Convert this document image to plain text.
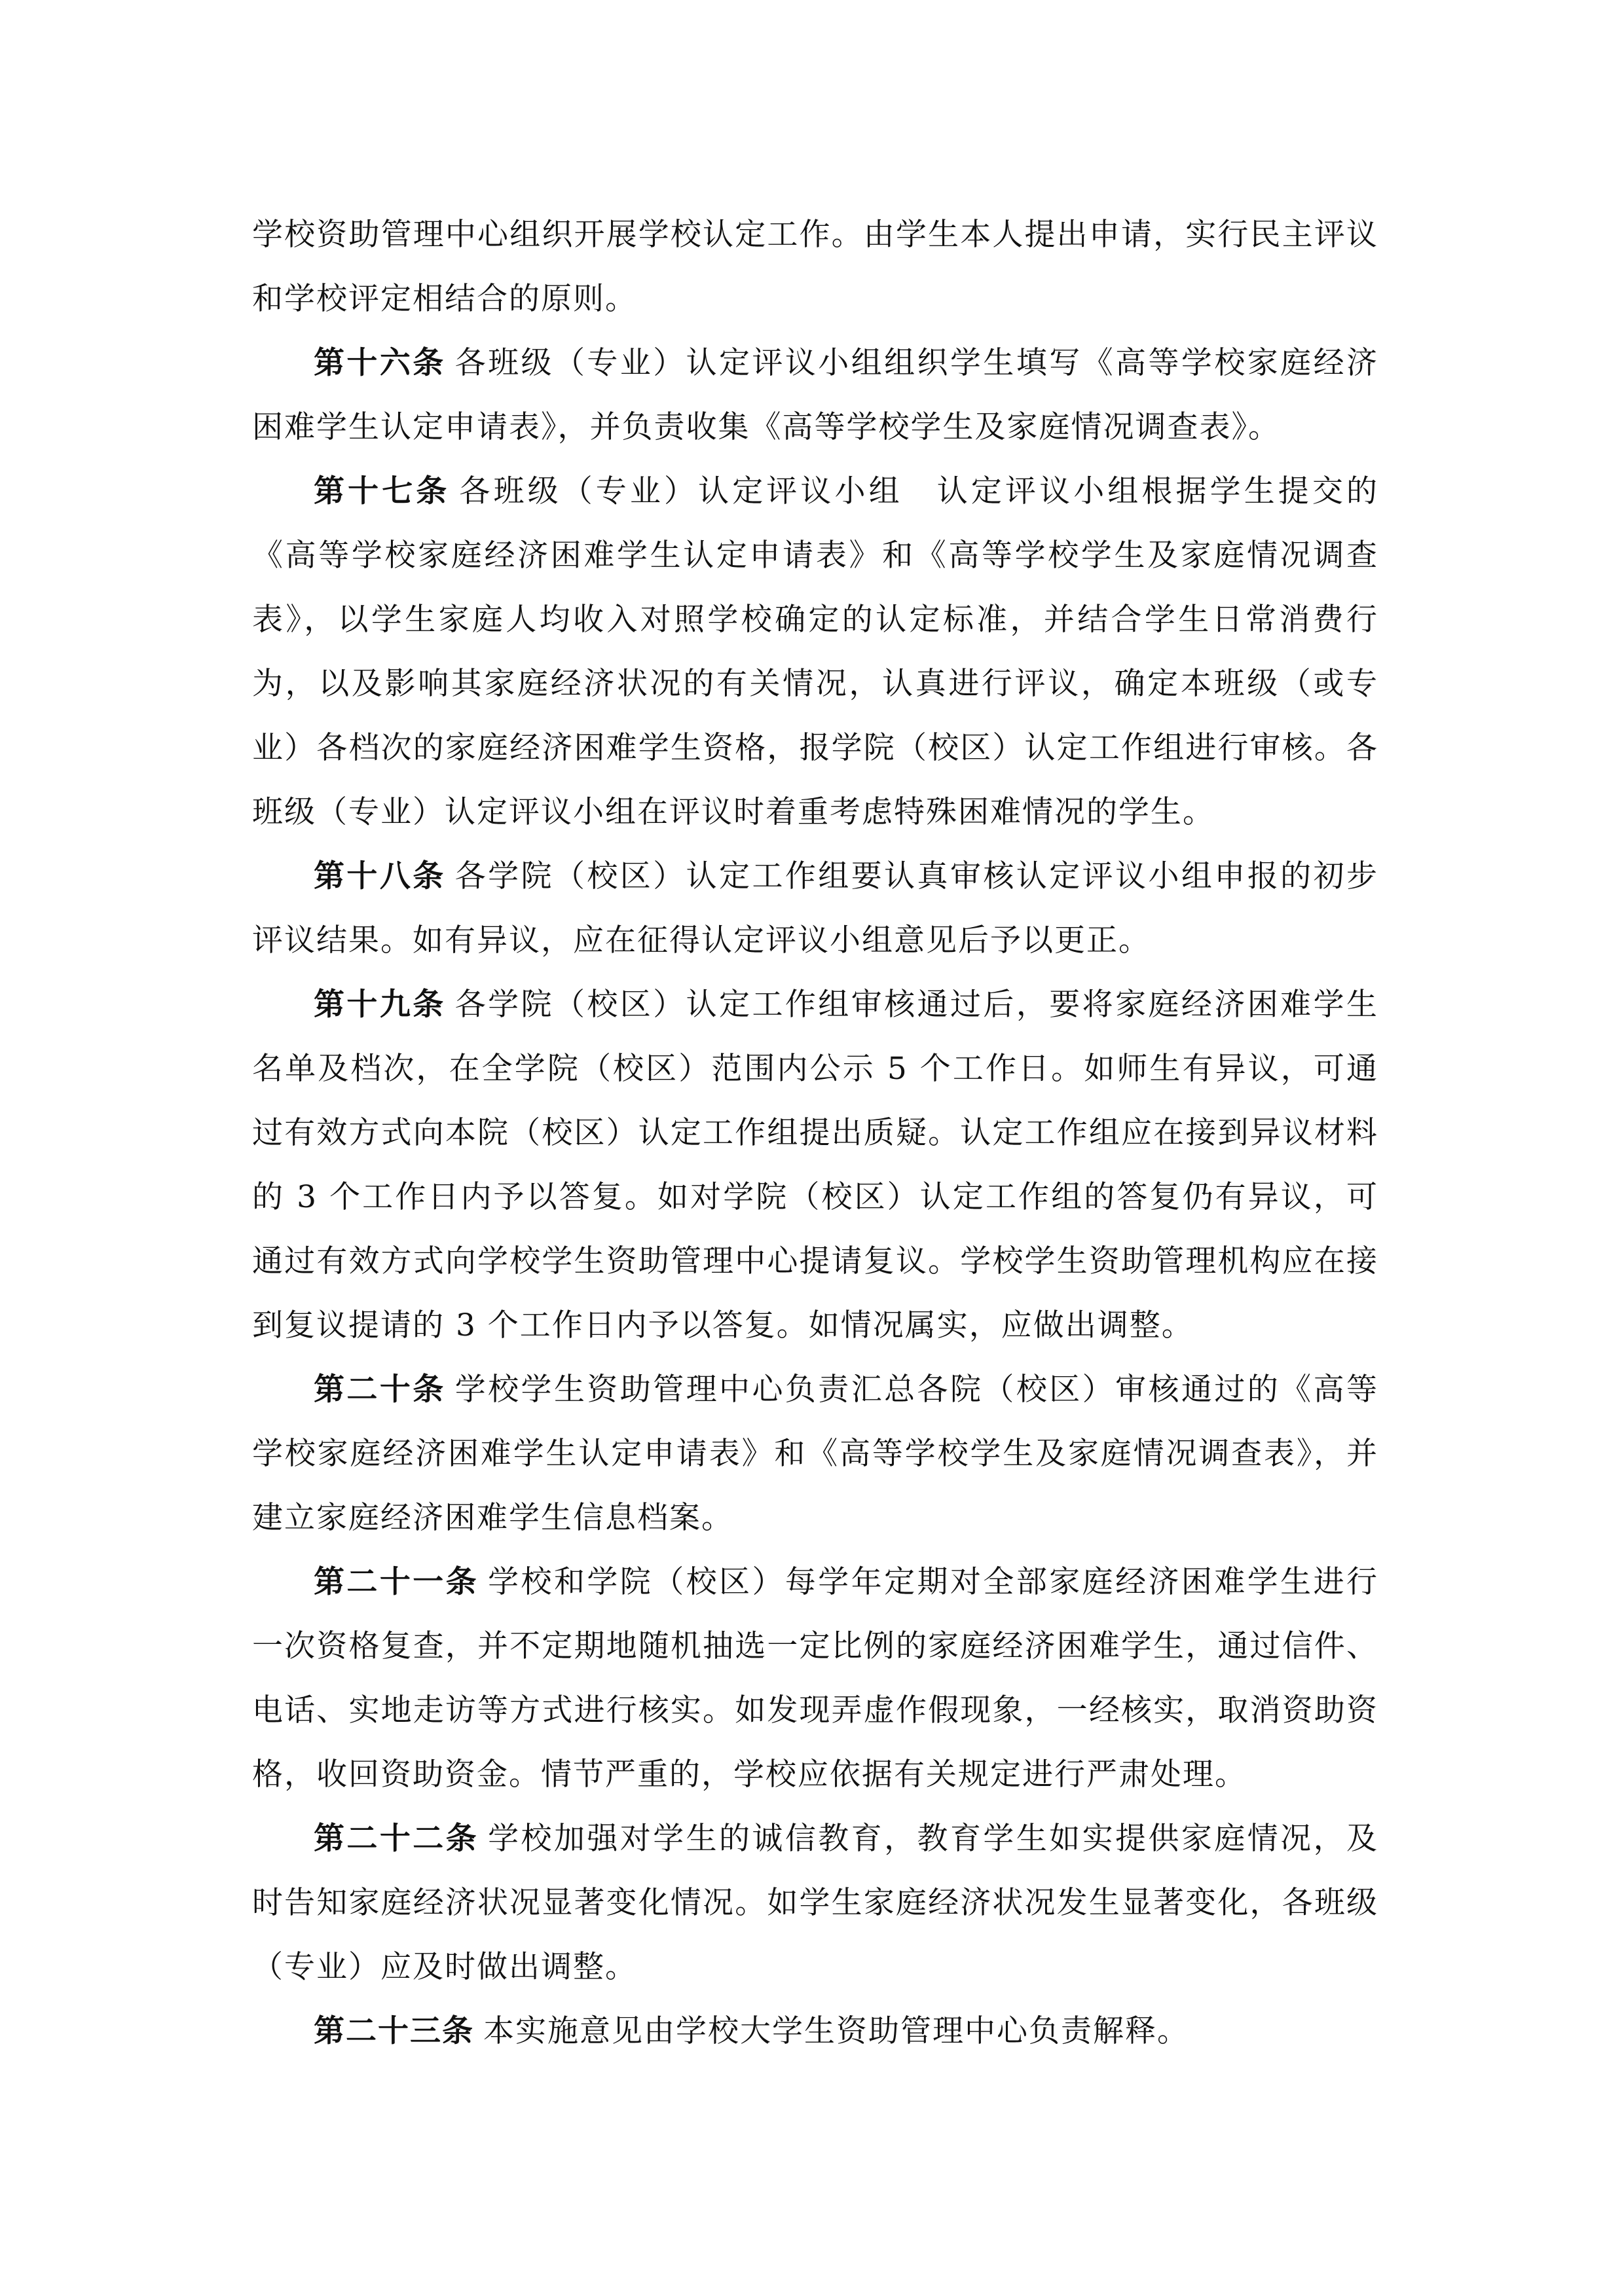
学校资助管理中心组织开展学校认定工作。由学生本人提出申请，实行民主评议和学校评定相结合的原则。

第十六条 各班级（专业）认定评议小组组织学生填写《高等学校家庭经济困难学生认定申请表》，并负责收集《高等学校学生及家庭情况调查表》。

第十七条 各班级（专业）认定评议小组　认定评议小组根据学生提交的《高等学校家庭经济困难学生认定申请表》和《高等学校学生及家庭情况调查表》，以学生家庭人均收入对照学校确定的认定标准，并结合学生日常消费行为，以及影响其家庭经济状况的有关情况，认真进行评议，确定本班级（或专业）各档次的家庭经济困难学生资格，报学院（校区）认定工作组进行审核。各班级（专业）认定评议小组在评议时着重考虑特殊困难情况的学生。

第十八条 各学院（校区）认定工作组要认真审核认定评议小组申报的初步评议结果。如有异议，应在征得认定评议小组意见后予以更正。

第十九条 各学院（校区）认定工作组审核通过后，要将家庭经济困难学生名单及档次，在全学院（校区）范围内公示 5 个工作日。如师生有异议，可通过有效方式向本院（校区）认定工作组提出质疑。认定工作组应在接到异议材料的 3 个工作日内予以答复。如对学院（校区）认定工作组的答复仍有异议，可通过有效方式向学校学生资助管理中心提请复议。学校学生资助管理机构应在接到复议提请的 3 个工作日内予以答复。如情况属实，应做出调整。

第二十条 学校学生资助管理中心负责汇总各院（校区）审核通过的《高等学校家庭经济困难学生认定申请表》和《高等学校学生及家庭情况调查表》，并建立家庭经济困难学生信息档案。

第二十一条 学校和学院（校区）每学年定期对全部家庭经济困难学生进行一次资格复查，并不定期地随机抽选一定比例的家庭经济困难学生，通过信件、电话、实地走访等方式进行核实。如发现弄虚作假现象，一经核实，取消资助资格，收回资助资金。情节严重的，学校应依据有关规定进行严肃处理。

第二十二条 学校加强对学生的诚信教育，教育学生如实提供家庭情况，及时告知家庭经济状况显著变化情况。如学生家庭经济状况发生显著变化，各班级（专业）应及时做出调整。

第二十三条 本实施意见由学校大学生资助管理中心负责解释。
